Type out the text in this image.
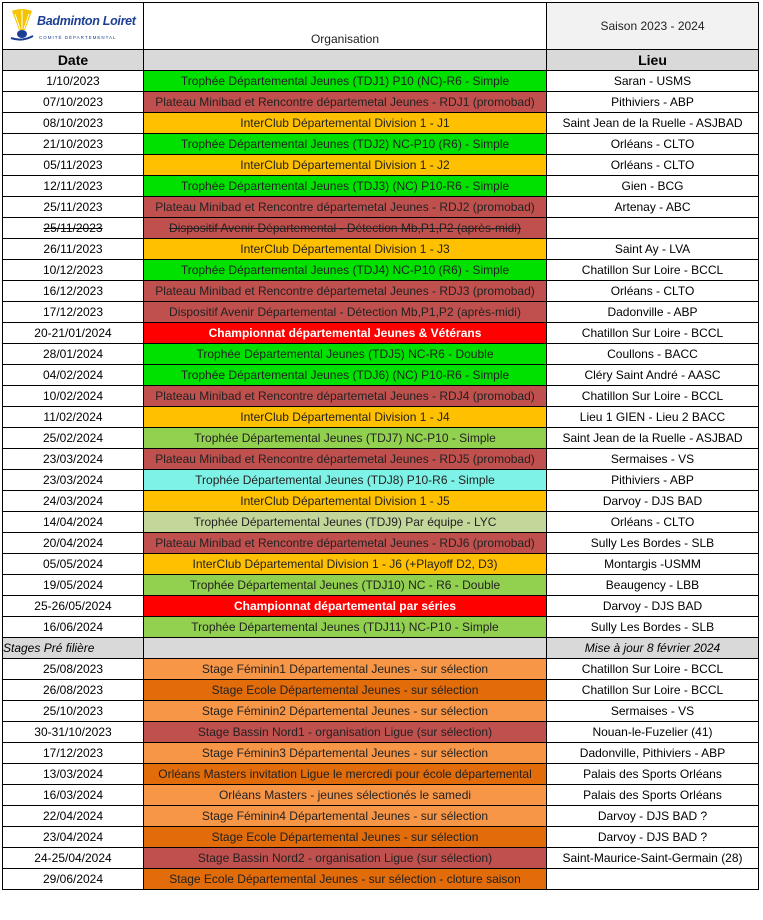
Badminton Loiret
COMITÉ DÉPARTEMENTAL	Organisation	Saison 2023 - 2024
Date		Lieu
1/10/2023	Trophée Départemental Jeunes (TDJ1) P10 (NC)-R6 - Simple	Saran - USMS
07/10/2023	Plateau Minibad et Rencontre départemetal Jeunes - RDJ1 (promobad)	Pithiviers - ABP
08/10/2023	InterClub Départemental Division 1 - J1	Saint Jean de la Ruelle - ASJBAD
21/10/2023	Trophée Départemental Jeunes (TDJ2) NC-P10 (R6) - Simple	Orléans - CLTO
05/11/2023	InterClub Départemental Division 1 - J2	Orléans - CLTO
12/11/2023	Trophée Départemental Jeunes (TDJ3) (NC) P10-R6 - Simple	Gien - BCG
25/11/2023	Plateau Minibad et Rencontre départemetal Jeunes - RDJ2 (promobad)	Artenay - ABC
25/11/2023	Dispositif Avenir Départemental - Détection Mb,P1,P2 (après-midi)	
26/11/2023	InterClub Départemental Division 1 - J3	Saint Ay - LVA
10/12/2023	Trophée Départemental Jeunes (TDJ4) NC-P10 (R6) - Simple	Chatillon Sur Loire - BCCL
16/12/2023	Plateau Minibad et Rencontre départemetal Jeunes - RDJ3 (promobad)	Orléans - CLTO
17/12/2023	Dispositif Avenir Départemental - Détection Mb,P1,P2 (après-midi)	Dadonville - ABP
20-21/01/2024	Championnat départemental Jeunes & Vétérans	Chatillon Sur Loire - BCCL
28/01/2024	Trophée Départemental Jeunes (TDJ5) NC-R6 - Double	Coullons - BACC
04/02/2024	Trophée Départemental Jeunes (TDJ6) (NC) P10-R6 - Simple	Cléry Saint André - AASC
10/02/2024	Plateau Minibad et Rencontre départemetal Jeunes - RDJ4 (promobad)	Chatillon Sur Loire - BCCL
11/02/2024	InterClub Départemental Division 1 - J4	Lieu 1 GIEN - Lieu 2 BACC
25/02/2024	Trophée Départemental Jeunes (TDJ7) NC-P10 - Simple	Saint Jean de la Ruelle - ASJBAD
23/03/2024	Plateau Minibad et Rencontre départemetal Jeunes - RDJ5 (promobad)	Sermaises - VS
23/03/2024	Trophée Départemental Jeunes (TDJ8) P10-R6 - Simple	Pithiviers - ABP
24/03/2024	InterClub Départemental Division 1 - J5	Darvoy - DJS BAD
14/04/2024	Trophée Départemental Jeunes (TDJ9) Par équipe - LYC	Orléans - CLTO
20/04/2024	Plateau Minibad et Rencontre départemetal Jeunes - RDJ6 (promobad)	Sully Les Bordes - SLB
05/05/2024	InterClub Départemental Division 1 - J6 (+Playoff D2, D3)	Montargis -USMM
19/05/2024	Trophée Départemental Jeunes (TDJ10) NC - R6 - Double	Beaugency - LBB
25-26/05/2024	Championnat départemental par séries	Darvoy - DJS BAD
16/06/2024	Trophée Départemental Jeunes (TDJ11) NC-P10 - Simple	Sully Les Bordes - SLB
Stages Pré filière		Mise à jour 8 février 2024
25/08/2023	Stage Féminin1 Départemental Jeunes - sur sélection	Chatillon Sur Loire - BCCL
26/08/2023	Stage Ecole Départemental Jeunes - sur sélection	Chatillon Sur Loire - BCCL
25/10/2023	Stage Féminin2 Départemental Jeunes - sur sélection	Sermaises - VS
30-31/10/2023	Stage Bassin Nord1 - organisation Ligue (sur sélection)	Nouan-le-Fuzelier (41)
17/12/2023	Stage Féminin3 Départemental Jeunes - sur sélection	Dadonville, Pithiviers - ABP
13/03/2024	Orléans Masters invitation Ligue le mercredi pour école départemental	Palais des Sports Orléans
16/03/2024	Orléans Masters - jeunes sélectionés le samedi	Palais des Sports Orléans
22/04/2024	Stage Féminin4 Départemental Jeunes - sur sélection	Darvoy - DJS BAD ?
23/04/2024	Stage Ecole Départemental Jeunes - sur sélection	Darvoy - DJS BAD ?
24-25/04/2024	Stage Bassin Nord2 - organisation Ligue (sur sélection)	Saint-Maurice-Saint-Germain (28)
29/06/2024	Stage Ecole Départemental Jeunes - sur sélection - cloture saison	
